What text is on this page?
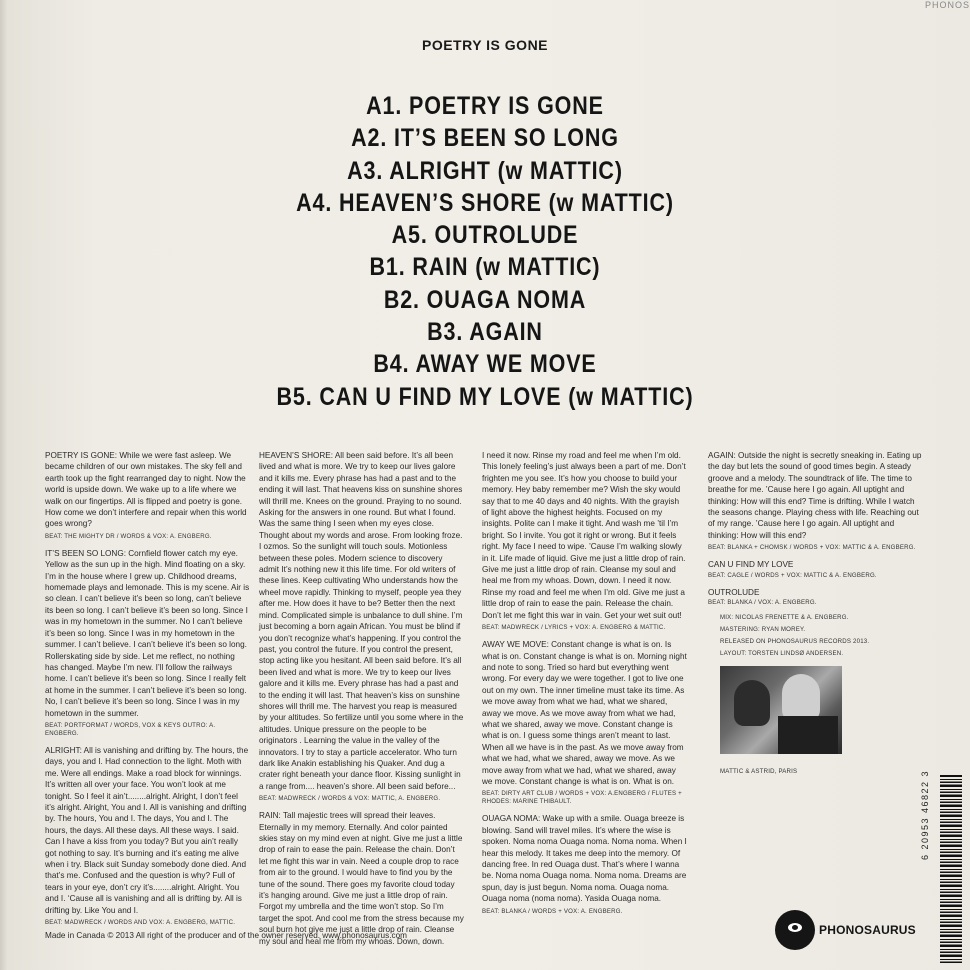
PHONOS
POETRY IS GONE
A1. POETRY IS GONE
A2. IT’S BEEN SO LONG
A3. ALRIGHT (w MATTIC)
A4. HEAVEN’S SHORE (w MATTIC)
A5. OUTROLUDE
B1. RAIN (w MATTIC)
B2. OUAGA NOMA
B3. AGAIN
B4. AWAY WE MOVE
B5. CAN U FIND MY LOVE (w MATTIC)

POETRY IS GONE: While we were fast asleep. We became children of our own mistakes. The sky fell and earth took up the fight rearranged day to night. Now the world is upside down. We wake up to a life where we walk on our fingertips. All is flipped and poetry is gone. How come we don’t interfere and repair when this world goes wrong?

BEAT: THE MIGHTY DR / WORDS & VOX: A. ENGBERG.

IT’S BEEN SO LONG: Cornfield flower catch my eye. Yellow as the sun up in the high. Mind floating on a sky. I’m in the house where I grew up. Childhood dreams, homemade plays and lemonade. This is my scene. Air is so clean. I can’t believe it’s been so long, can’t believe its been so long. I can’t believe it’s been so long. Since I was in my hometown in the summer. No I can’t believe it’s been so long. Since I was in my hometown in the summer. I can’t believe. I can’t believe it’s been so long. Rollerskating side by side. Let me reflect, no nothing has changed. Maybe I’m new. I’ll follow the railways home. I can’t believe it’s been so long. Since I really felt at home in the summer. I can’t believe it’s been so long. No, I can’t believe it’s been so long. Since I was in my hometown in the summer.

BEAT: PORTFORMAT / WORDS, VOX & KEYS OUTRO: A. ENGBERG.

ALRIGHT: All is vanishing and drifting by. The hours, the days, you and I. Had connection to the light. Moth with me. Were all endings. Make a road block for winnings. It’s written all over your face. You won’t look at me tonight. So I feel it ain’t........alright. Alright, I don’t feel it’s alright. Alright, You and I. All is vanishing and drifting by. The hours, You and I. The days, You and I. The hours, the days. All these days. All these ways. I said. Can I have a kiss from you today? But you ain’t really got nothing to say. It’s burning and it’s eating me alive when i try. Black suit Sunday somebody done died. And that’s me. Confused and the question is why? Full of tears in your eye, don’t cry it’s........alright. Alright. You and I. ‘Cause all is vanishing and all is drifting by. All is drifting by. Like You and I.

BEAT: MADWRECK / WORDS AND VOX: A. ENGBERG, MATTIC.

HEAVEN’S SHORE: All been said before. It’s all been lived and what is more. We try to keep our lives galore and it kills me. Every phrase has had a past and to the ending it will last. That heavens kiss on sunshine shores will thrill me. Knees on the ground. Praying to no sound. Asking for the answers in one round. But what I found. Was the same thing I seen when my eyes close. Thought about my words and arose. From looking froze. I ozmos. So the sunlight will touch souls. Motionless between these poles. Modern science to discovery admit It’s nothing new it this life time. For old writers of these lines. Keep cultivating Who understands how the wheel move rapidly. Thinking to myself, people yea they after me. How does it have to be? Better then the next mind. Complicated simple is unbalance to dull shine. I’m just becoming a born again African. You must be blind if you don’t recognize what’s happening. If you control the past, you control the future. If you control the present, stop acting like you hesitant. All been said before. It’s all been lived and what is more. We try to keep our lives galore and it kills me. Every phrase has had a past and to the ending it will last. That heaven’s kiss on sunshine shores will thrill me. The harvest you reap is measured by your altitudes. So fertilize until you some where in the altitudes. Unique pressure on the people to be originators . Learning the value in the valley of the innovators. I try to stay a particle accelerator. Who turn dark like Anakin establishing his Quaker. And dug a crater right beneath your dance floor. Kissing sunlight in a range from.... heaven’s shore. All been said before...

BEAT: MADWRECK / WORDS & VOX: MATTIC, A. ENGBERG.

RAIN: Tall majestic trees will spread their leaves. Eternally in my memory. Eternally. And color painted skies stay on my mind even at night. Give me just a little drop of rain to ease the pain. Release the chain. Don’t let me fight this war in vain. Need a couple drop to race from air to the ground. I would have to find you by the tune of the sound. There goes my favorite cloud today it’s hanging around. Give me just a little drop of rain. Forgot my umbrella and the time won’t stop. So I’m target the spot. And cool me from the stress because my soul burn hot give me just a little drop of rain. Cleanse my soul and heal me from my whoas. Down, down.

I need it now. Rinse my road and feel me when I’m old. This lonely feeling’s just always been a part of me. Don’t frighten me you see. It’s how you choose to build your memory. Hey baby remember me? Wish the sky would say that to me 40 days and 40 nights. With the grayish of light above the highest heights. Focused on my insights. Polite can I make it tight. And wash me ’til I’m bright. So I invite. You got it right or wrong. But it feels right. My face I need to wipe. ’Cause I’m walking slowly in it. Life made of liquid. Give me just a little drop of rain. Give me just a little drop of rain. Cleanse my soul and heal me from my whoas. Down, down. I need it now. Rinse my road and feel me when I’m old. Give me just a little drop of rain to ease the pain. Release the chain. Don’t let me fight this war in vain. Get your wet suit out!

BEAT: MADWRECK / LYRICS + VOX: A. ENGBERG & MATTIC.

AWAY WE MOVE: Constant change is what is on. Is what is on. Constant change is what is on. Morning night and note to song. Tried so hard but everything went wrong. For every day we were together. I got to live one out on my own. The inner timeline must take its time. As we move away from what we had, what we shared, away we move. As we move away from what we had, what we shared, away we move. Constant change is what is on. I guess some things aren’t meant to last. When all we have is in the past. As we move away from what we had, what we shared, away we move. As we move away from what we had, what we shared, away we move. Constant change is what is on. What is on.

BEAT: DIRTY ART CLUB / WORDS + VOX: A.ENGBERG / FLUTES + RHODES: MARINE THIBAULT.

OUAGA NOMA: Wake up with a smile. Ouaga breeze is blowing. Sand will travel miles. It’s where the wise is spoken. Noma noma Ouaga noma. Noma noma. When I hear this melody. It takes me deep into the memory. Of dancing free. In red Ouaga dust. That’s where I wanna be. Noma noma Ouaga noma. Noma noma. Dreams are spun, day is just begun. Noma noma. Ouaga noma. Ouaga noma (noma noma). Yasida Ouaga noma.

BEAT: BLANKA / WORDS + VOX: A. ENGBERG.

AGAIN: Outside the night is secretly sneaking in. Eating up the day but lets the sound of good times begin. A steady groove and a melody. The soundtrack of life. The time to breathe for me. ’Cause here I go again. All uptight and thinking: How will this end? Time is drifting. While I watch the seasons change. Playing chess with life. Reaching out of my range. ’Cause here I go again. All uptight and thinking: How will this end?

BEAT: BLANKA + CHOMSK / WORDS + VOX: MATTIC & A. ENGBERG.
CAN U FIND MY LOVE
BEAT: CAGLE / WORDS + VOX: MATTIC & A. ENGBERG.
OUTROLUDE
BEAT: BLANKA / VOX: A. ENGBERG.
MIX: NICOLAS FRENETTE & A. ENGBERG.
MASTERING: RYAN MOREY.
RELEASED ON PHONOSAURUS RECORDS 2013.
LAYOUT: TORSTEN LINDSØ ANDERSEN.
MATTIC & ASTRID, PARIS
Made in Canada © 2013 All right of the producer and of the owner reserved. www.phonosaurus.com	PHONOSAURUS
6 20953 46822 3
